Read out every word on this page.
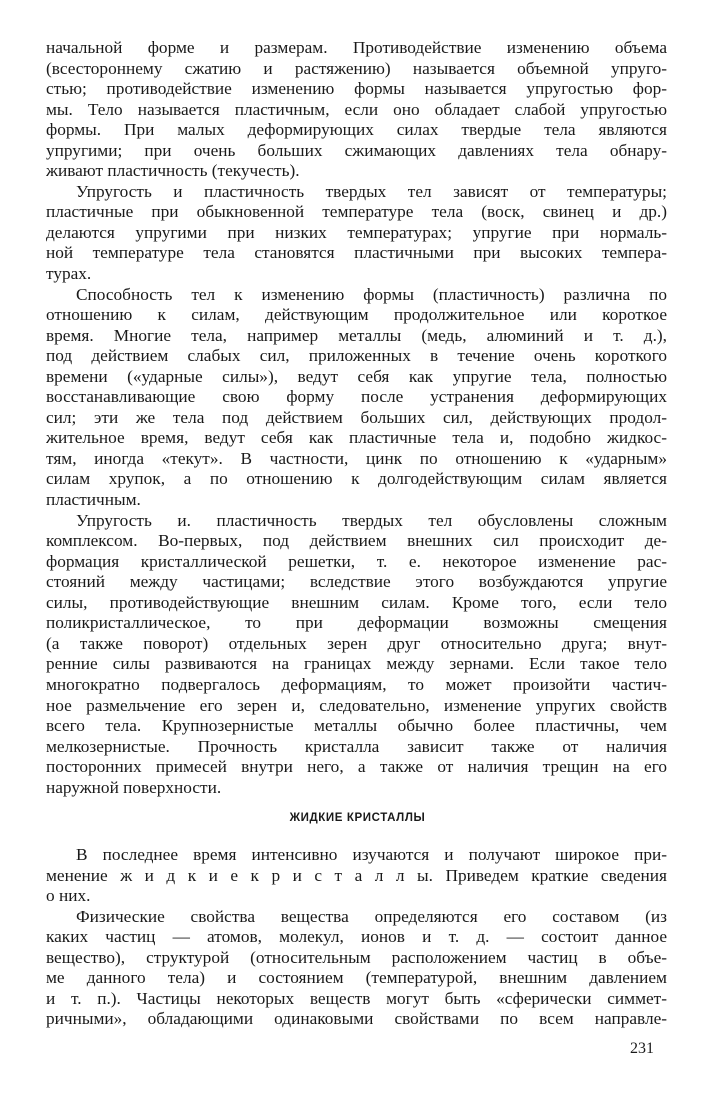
начальной форме и размерам. Противодействие изменению объема
(всестороннему сжатию и растяжению) называется объемной упруго-
стью; противодействие изменению формы называется упругостью фор-
мы. Тело называется пластичным, если оно обладает слабой упругостью
формы. При малых деформирующих силах твердые тела являются
упругими; при очень больших сжимающих давлениях тела обнару-
живают пластичность (текучесть).
Упругость и пластичность твердых тел зависят от температуры;
пластичные при обыкновенной температуре тела (воск, свинец и др.)
делаются упругими при низких температурах; упругие при нормаль-
ной температуре тела становятся пластичными при высоких темпера-
турах.
Способность тел к изменению формы (пластичность) различна по
отношению к силам, действующим продолжительное или короткое
время. Многие тела, например металлы (медь, алюминий и т. д.),
под действием слабых сил, приложенных в течение очень короткого
времени («ударные силы»), ведут себя как упругие тела, полностью
восстанавливающие свою форму после устранения деформирующих
сил; эти же тела под действием больших сил, действующих продол-
жительное время, ведут себя как пластичные тела и, подобно жидкос-
тям, иногда «текут». В частности, цинк по отношению к «ударным»
силам хрупок, а по отношению к долгодействующим силам является
пластичным.
Упругость и. пластичность твердых тел обусловлены сложным
комплексом. Во-первых, под действием внешних сил происходит де-
формация кристаллической решетки, т. е. некоторое изменение рас-
стояний между частицами; вследствие этого возбуждаются упругие
силы, противодействующие внешним силам. Кроме того, если тело
поликристаллическое, то при деформации возможны смещения
(а также поворот) отдельных зерен друг относительно друга; внут-
ренние силы развиваются на границах между зернами. Если такое тело
многократно подвергалось деформациям, то может произойти частич-
ное размельчение его зерен и, следовательно, изменение упругих свойств
всего тела. Крупнозернистые металлы обычно более пластичны, чем
мелкозернистые. Прочность кристалла зависит также от наличия
посторонних примесей внутри него, а также от наличия трещин на его
наружной поверхности.
ЖИДКИЕ КРИСТАЛЛЫ
В последнее время интенсивно изучаются и получают широкое при-
менение ж и д к и е к р и с т а л л ы. Приведем краткие сведения
о них.
Физические свойства вещества определяются его составом (из
каких частиц — атомов, молекул, ионов и т. д. — состоит данное
вещество), структурой (относительным расположением частиц в объе-
ме данного тела) и состоянием (температурой, внешним давлением
и т. п.). Частицы некоторых веществ могут быть «сферически симмет-
ричными», обладающими одинаковыми свойствами по всем направле-
231
